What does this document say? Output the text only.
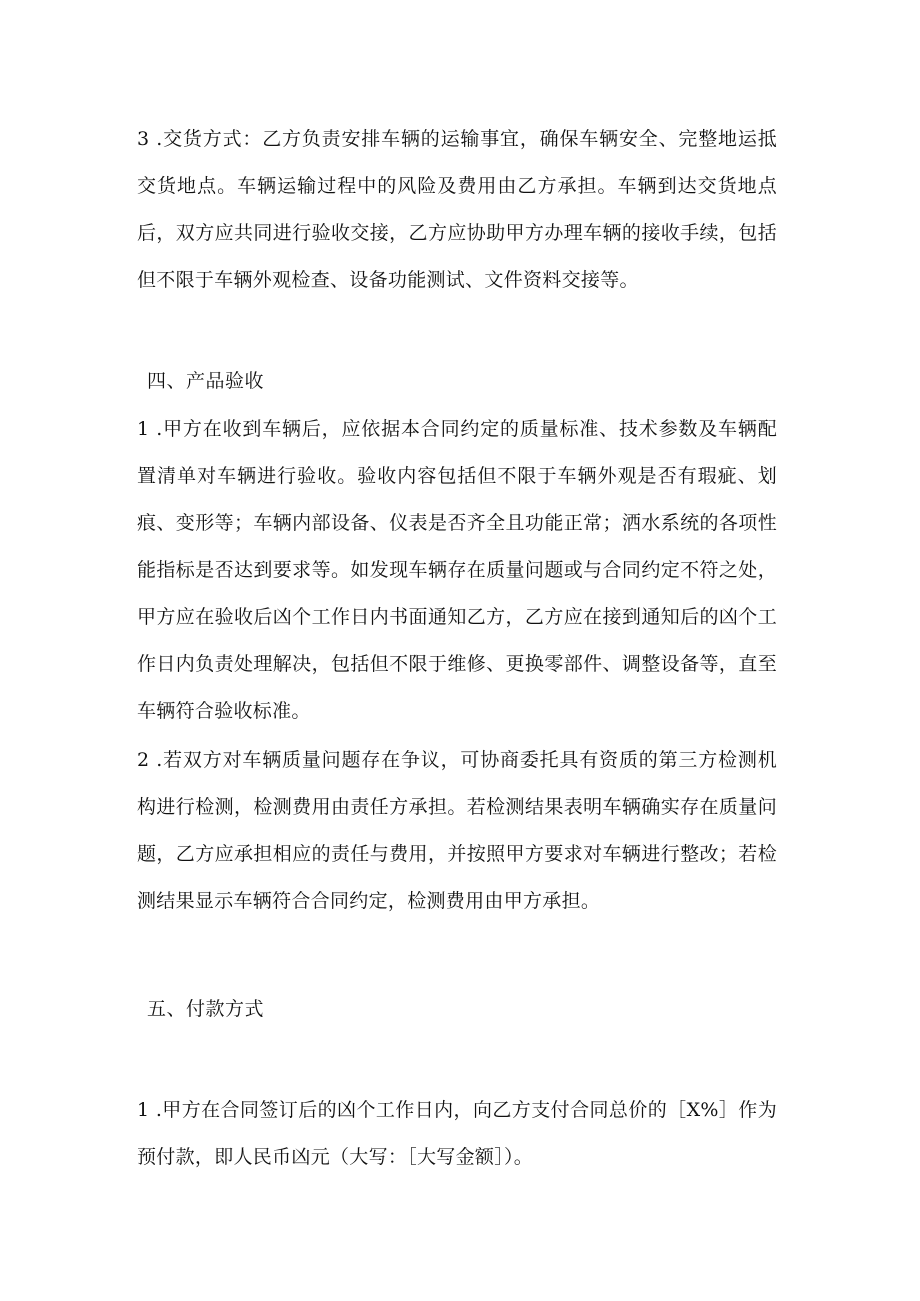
3 .交货方式：乙方负责安排车辆的运输事宜，确保车辆安全、完整地运抵交货地点。车辆运输过程中的风险及费用由乙方承担。车辆到达交货地点后，双方应共同进行验收交接，乙方应协助甲方办理车辆的接收手续，包括但不限于车辆外观检查、设备功能测试、文件资料交接等。

四、产品验收

1 .甲方在收到车辆后，应依据本合同约定的质量标准、技术参数及车辆配置清单对车辆进行验收。验收内容包括但不限于车辆外观是否有瑕疵、划痕、变形等；车辆内部设备、仪表是否齐全且功能正常；洒水系统的各项性能指标是否达到要求等。如发现车辆存在质量问题或与合同约定不符之处，甲方应在验收后凶个工作日内书面通知乙方，乙方应在接到通知后的凶个工作日内负责处理解决，包括但不限于维修、更换零部件、调整设备等，直至车辆符合验收标准。

2 .若双方对车辆质量问题存在争议，可协商委托具有资质的第三方检测机构进行检测，检测费用由责任方承担。若检测结果表明车辆确实存在质量问题，乙方应承担相应的责任与费用，并按照甲方要求对车辆进行整改；若检测结果显示车辆符合合同约定，检测费用由甲方承担。

五、付款方式

1 .甲方在合同签订后的凶个工作日内，向乙方支付合同总价的［X%］作为预付款，即人民币凶元（大写：［大写金额］）。
